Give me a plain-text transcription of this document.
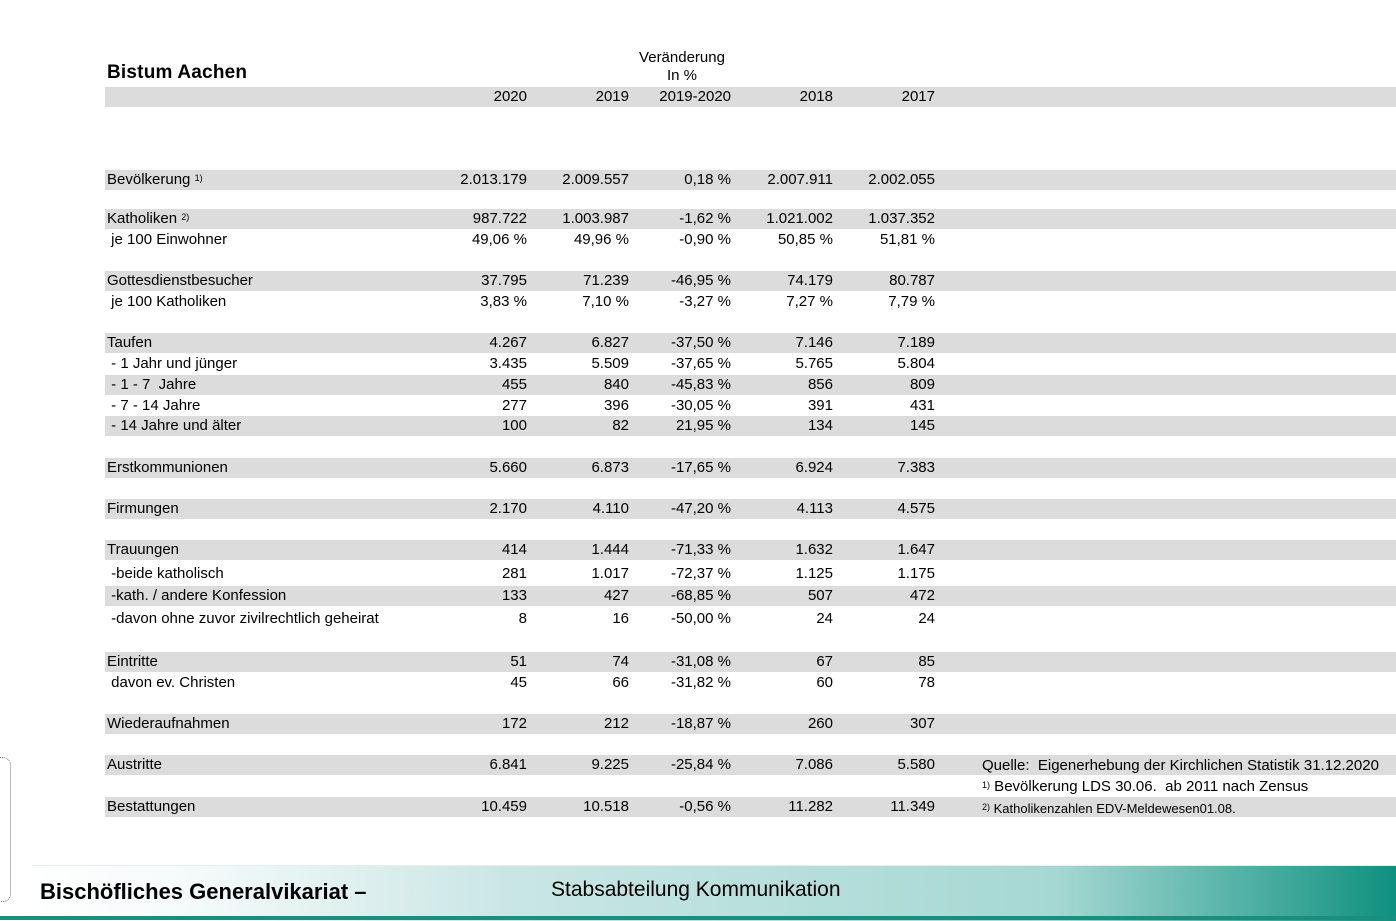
Bistum Aachen
Veränderung
In %
2020	2019	2019-2020	2018	2017
Bevölkerung $^{1)}$	2.013.179	2.009.557	0,18 %	2.007.911	2.002.055
Katholiken $^{2)}$	987.722	1.003.987	-1,62 %	1.021.002	1.037.352
je 100 Einwohner	49,06 %	49,96 %	-0,90 %	50,85 %	51,81 %
Gottesdienstbesucher	37.795	71.239	-46,95 %	74.179	80.787
je 100 Katholiken	3,83 %	7,10 %	-3,27 %	7,27 %	7,79 %
Taufen	4.267	6.827	-37,50 %	7.146	7.189
- 1 Jahr und jünger	3.435	5.509	-37,65 %	5.765	5.804
- 1 - 7  Jahre	455	840	-45,83 %	856	809
- 7 - 14 Jahre	277	396	-30,05 %	391	431
- 14 Jahre und älter	100	82	21,95 %	134	145
Erstkommunionen	5.660	6.873	-17,65 %	6.924	7.383
Firmungen	2.170	4.110	-47,20 %	4.113	4.575
Trauungen	414	1.444	-71,33 %	1.632	1.647
-beide katholisch	281	1.017	-72,37 %	1.125	1.175
-kath. / andere Konfession	133	427	-68,85 %	507	472
-davon ohne zuvor zivilrechtlich geheirat	8	16	-50,00 %	24	24
Eintritte	51	74	-31,08 %	67	85
davon ev. Christen	45	66	-31,82 %	60	78
Wiederaufnahmen	172	212	-18,87 %	260	307
Austritte	6.841	9.225	-25,84 %	7.086	5.580
Bestattungen	10.459	10.518	-0,56 %	11.282	11.349
Quelle:  Eigenerhebung der Kirchlichen Statistik 31.12.2020
$^{1)}$ Bevölkerung LDS 30.06.  ab 2011 nach Zensus
$^{2)}$ Katholikenzahlen EDV-Meldewesen01.08.
Bischöfliches Generalvikariat –	Stabsabteilung Kommunikation
